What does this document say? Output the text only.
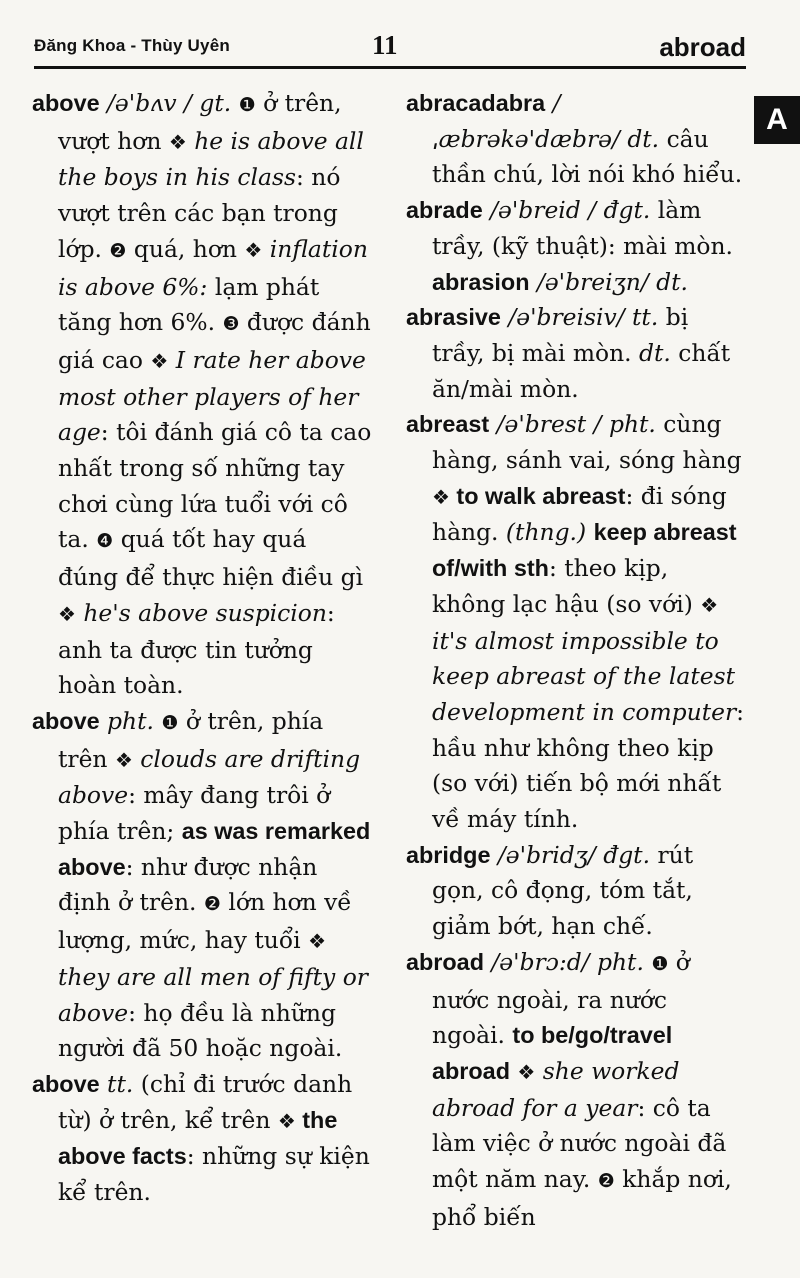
Đăng Khoa - Thùy Uyên	11	abroad
A

above /ə'bʌv / gt. ❶ ở trên, vượt hơn ❖ he is above all the boys in his class: nó vượt trên các bạn trong lớp. ❷ quá, hơn ❖ inflation is above 6%: lạm phát tăng hơn 6%. ❸ được đánh giá cao ❖ I rate her above most other players of her age: tôi đánh giá cô ta cao nhất trong số những tay chơi cùng lứa tuổi với cô ta. ❹ quá tốt hay quá đúng để thực hiện điều gì ❖ he's above suspicion: anh ta được tin tưởng hoàn toàn.

above pht. ❶ ở trên, phía trên ❖ clouds are drifting above: mây đang trôi ở phía trên; as was remarked above: như được nhận định ở trên. ❷ lớn hơn về lượng, mức, hay tuổi ❖ they are all men of fifty or above: họ đều là những người đã 50 hoặc ngoài.

above tt. (chỉ đi trước danh từ) ở trên, kể trên ❖ the above facts: những sự kiện kể trên.

abracadabra /ˌæbrəkə'dæbrə/ dt. câu thần chú, lời nói khó hiểu.

abrade /ə'breid / đgt. làm trầy, (kỹ thuật): mài mòn.

abrasion /ə'breiʒn/ dt.

abrasive /ə'breisiv/ tt. bị trầy, bị mài mòn. dt. chất ăn/mài mòn.

abreast /ə'brest / pht. cùng hàng, sánh vai, sóng hàng ❖ to walk abreast: đi sóng hàng. (thng.) keep abreast of/with sth: theo kịp, không lạc hậu (so với) ❖ it's almost impossible to keep abreast of the latest development in computer: hầu như không theo kịp (so với) tiến bộ mới nhất về máy tính.

abridge /ə'bridʒ/ đgt. rút gọn, cô đọng, tóm tắt, giảm bớt, hạn chế.

abroad /ə'brɔ:d/ pht. ❶ ở nước ngoài, ra nước ngoài. to be/go/travel abroad ❖ she worked abroad for a year: cô ta làm việc ở nước ngoài đã một năm nay. ❷ khắp nơi, phổ biến
